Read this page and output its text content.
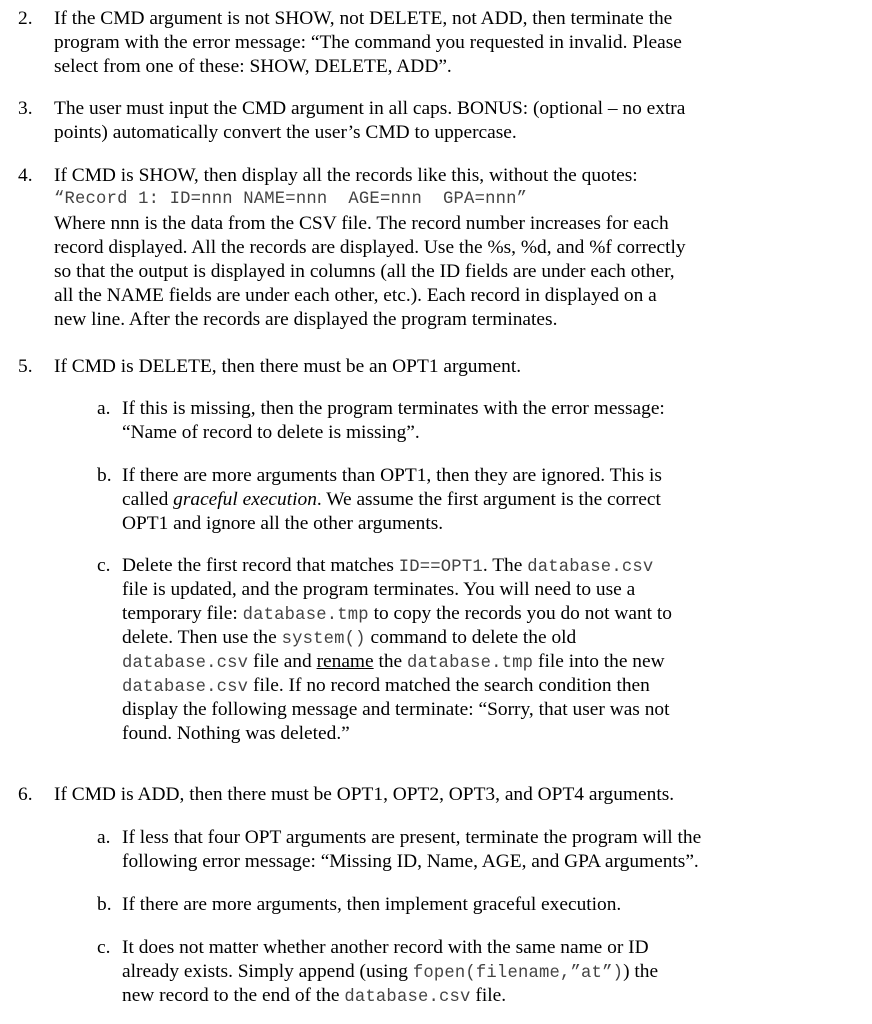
2. If the CMD argument is not SHOW, not DELETE, not ADD, then terminate the
program with the error message: “The command you requested in invalid. Please
select from one of these: SHOW, DELETE, ADD”.
3. The user must input the CMD argument in all caps. BONUS: (optional – no extra
points) automatically convert the user’s CMD to uppercase.
4. If CMD is SHOW, then display all the records like this, without the quotes:
“Record 1: ID=nnn NAME=nnn  AGE=nnn  GPA=nnn”
Where nnn is the data from the CSV file. The record number increases for each
record displayed. All the records are displayed. Use the %s, %d, and %f correctly
so that the output is displayed in columns (all the ID fields are under each other,
all the NAME fields are under each other, etc.). Each record in displayed on a
new line. After the records are displayed the program terminates.
5. If CMD is DELETE, then there must be an OPT1 argument.
a. If this is missing, then the program terminates with the error message:
“Name of record to delete is missing”.
b. If there are more arguments than OPT1, then they are ignored. This is
called graceful execution. We assume the first argument is the correct
OPT1 and ignore all the other arguments.
c. Delete the first record that matches ID==OPT1. The database.csv
file is updated, and the program terminates. You will need to use a
temporary file: database.tmp to copy the records you do not want to
delete. Then use the system() command to delete the old
database.csv file and rename the database.tmp file into the new
database.csv file. If no record matched the search condition then
display the following message and terminate: “Sorry, that user was not
found. Nothing was deleted.”
6. If CMD is ADD, then there must be OPT1, OPT2, OPT3, and OPT4 arguments.
a. If less that four OPT arguments are present, terminate the program will the
following error message: “Missing ID, Name, AGE, and GPA arguments”.
b. If there are more arguments, then implement graceful execution.
c. It does not matter whether another record with the same name or ID
already exists. Simply append (using fopen(filename,”at”)) the
new record to the end of the database.csv file.
